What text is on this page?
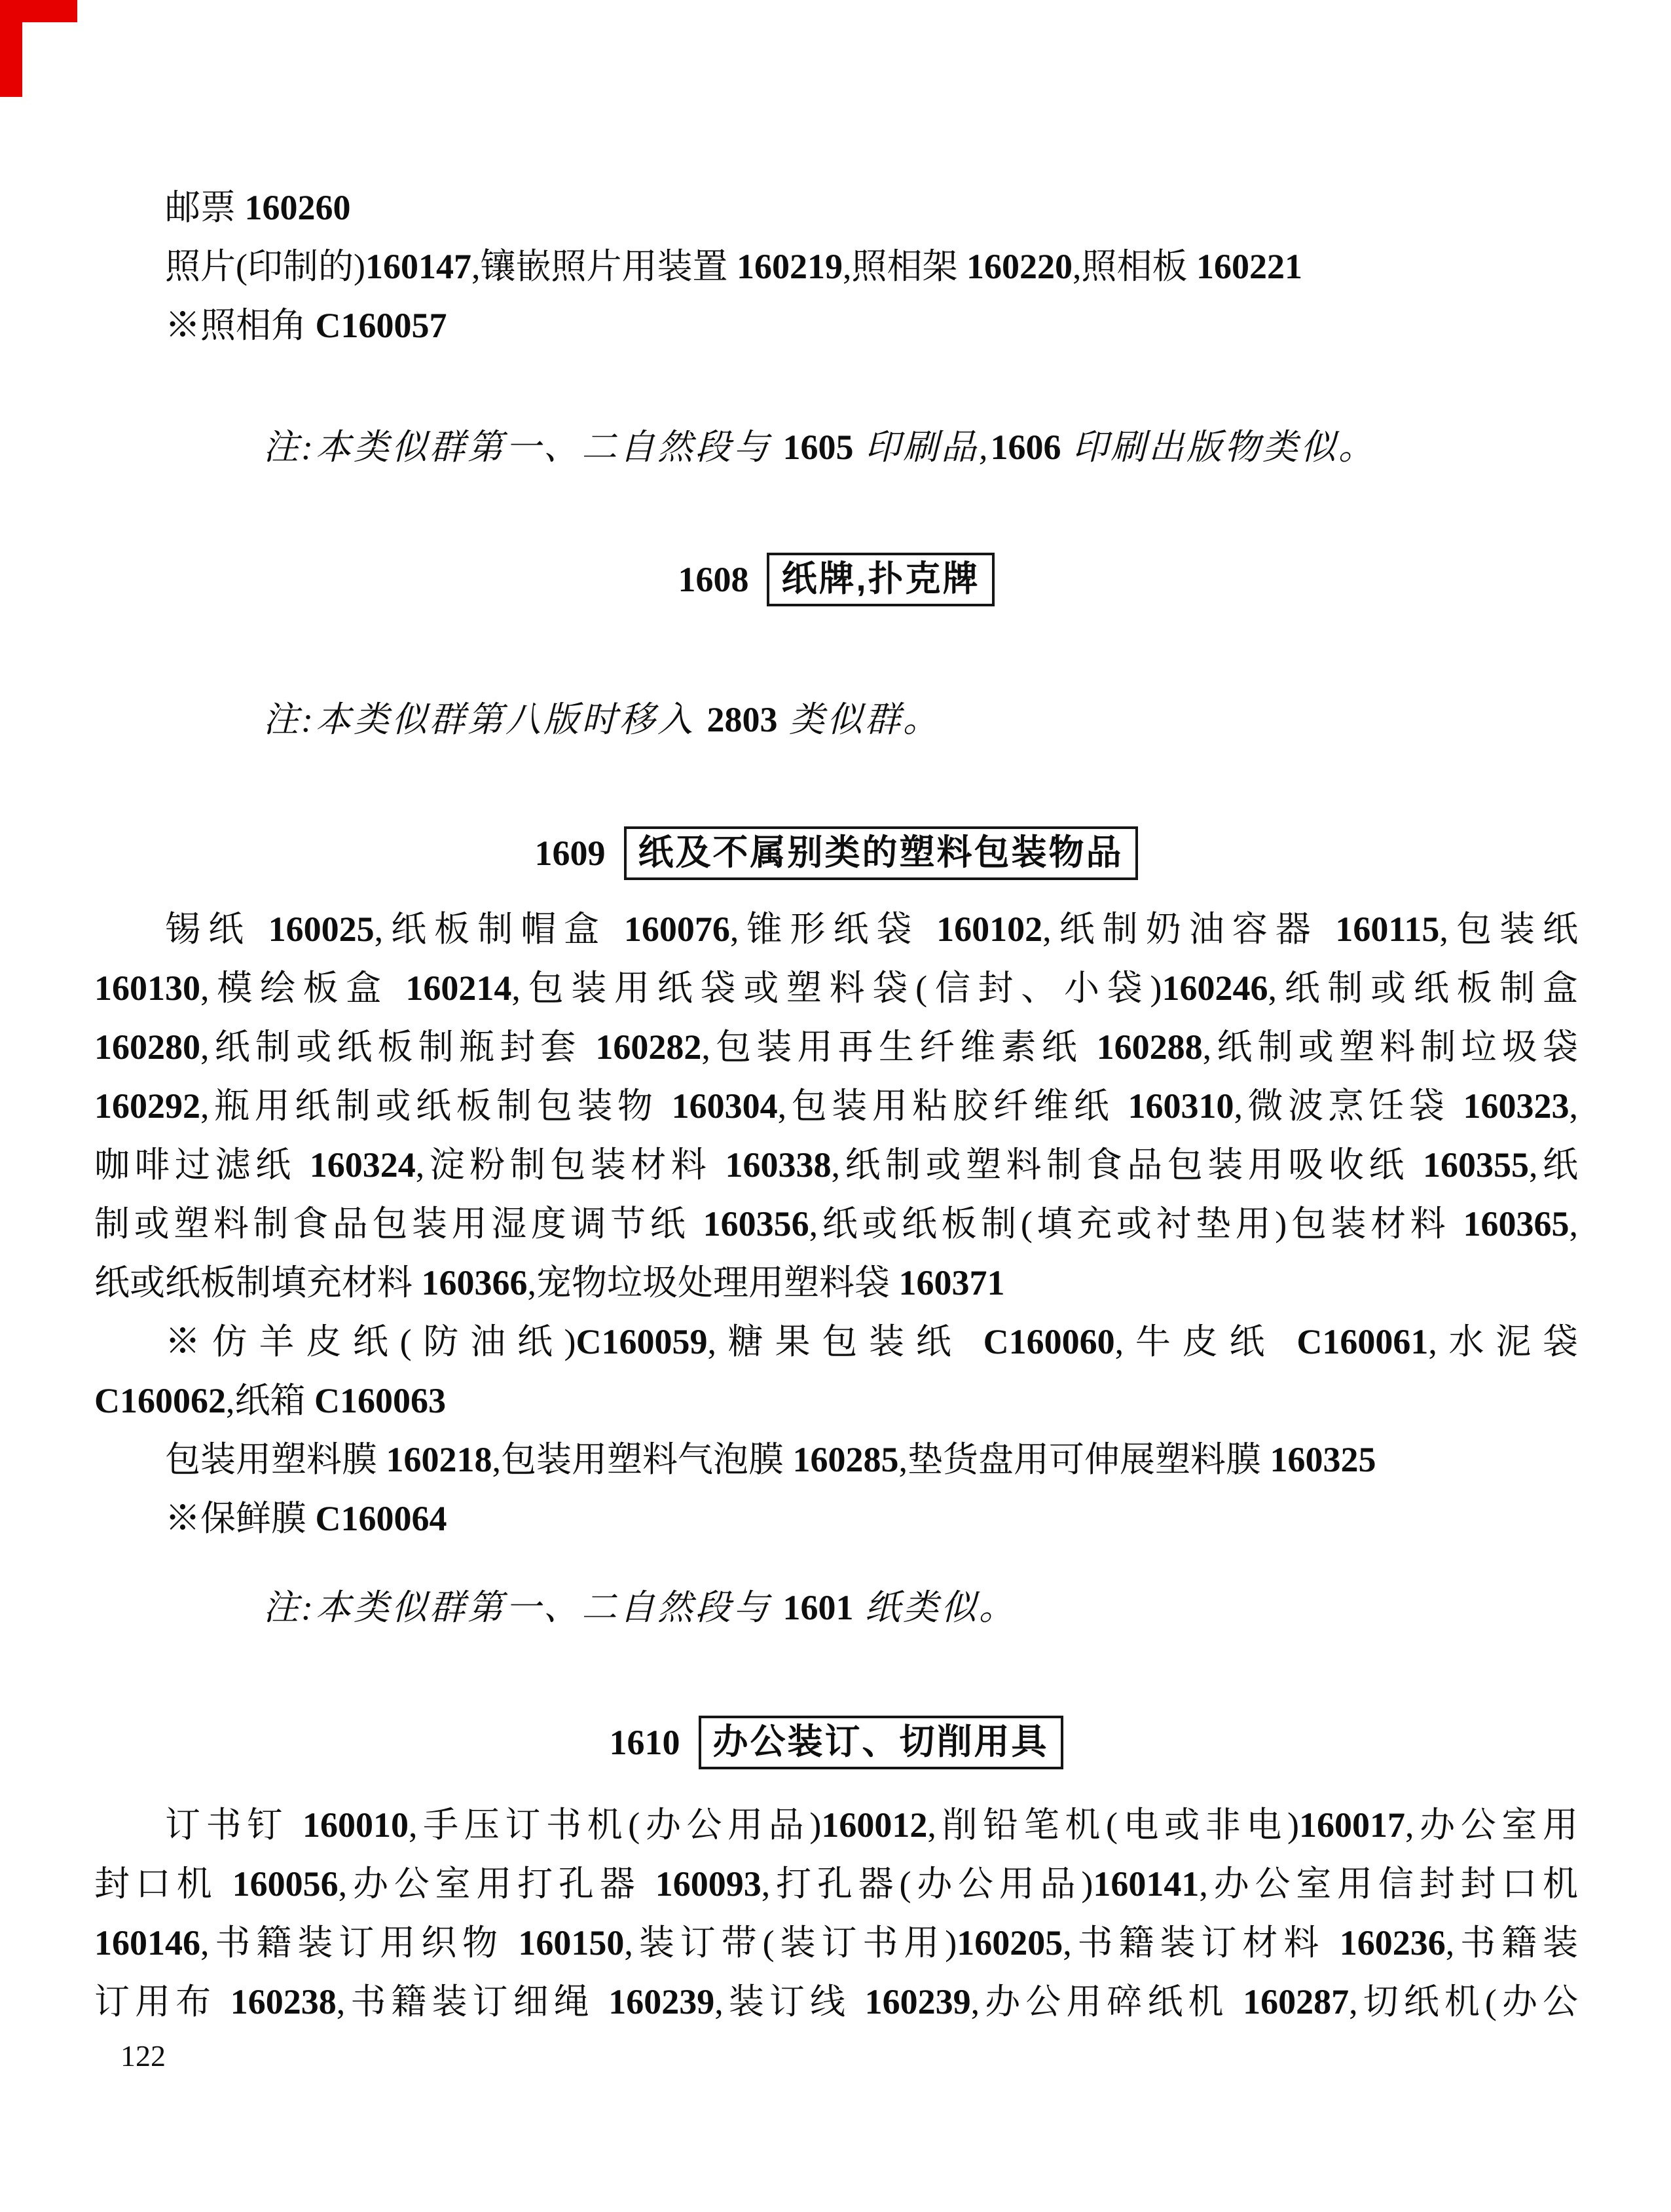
邮票 160260
照片(印制的)160147,镶嵌照片用装置 160219,照相架 160220,照相板 160221
※照相角 C160057
注:本类似群第一、二自然段与 1605 印刷品,1606 印刷出版物类似。
1608 纸牌,扑克牌
注:本类似群第八版时移入 2803 类似群。
1609 纸及不属别类的塑料包装物品
锡纸 160025,纸板制帽盒 160076,锥形纸袋 160102,纸制奶油容器 160115,包装纸
160130,模绘板盒 160214,包装用纸袋或塑料袋(信封、小袋)160246,纸制或纸板制盒
160280,纸制或纸板制瓶封套 160282,包装用再生纤维素纸 160288,纸制或塑料制垃圾袋
160292,瓶用纸制或纸板制包装物 160304,包装用粘胶纤维纸 160310,微波烹饪袋 160323,
咖啡过滤纸 160324,淀粉制包装材料 160338,纸制或塑料制食品包装用吸收纸 160355,纸
制或塑料制食品包装用湿度调节纸 160356,纸或纸板制(填充或衬垫用)包装材料 160365,
纸或纸板制填充材料 160366,宠物垃圾处理用塑料袋 160371
※仿羊皮纸(防油纸)C160059,糖果包装纸 C160060,牛皮纸 C160061,水泥袋
C160062,纸箱 C160063
包装用塑料膜 160218,包装用塑料气泡膜 160285,垫货盘用可伸展塑料膜 160325
※保鲜膜 C160064
注:本类似群第一、二自然段与 1601 纸类似。
1610 办公装订、切削用具
订书钉 160010,手压订书机(办公用品)160012,削铅笔机(电或非电)160017,办公室用
封口机 160056,办公室用打孔器 160093,打孔器(办公用品)160141,办公室用信封封口机
160146,书籍装订用织物 160150,装订带(装订书用)160205,书籍装订材料 160236,书籍装
订用布 160238,书籍装订细绳 160239,装订线 160239,办公用碎纸机 160287,切纸机(办公
122
